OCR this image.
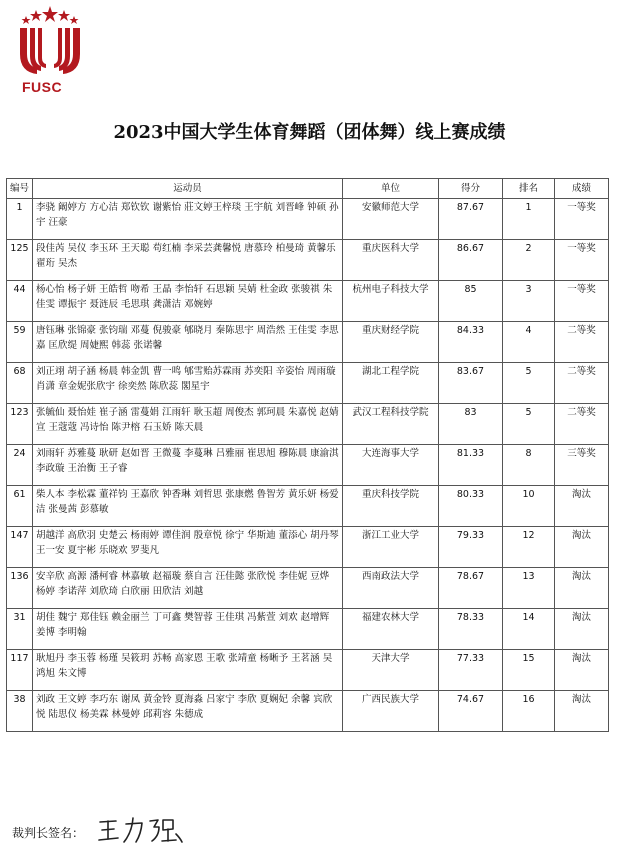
FUSC
2023中国大学生体育舞蹈（团体舞）线上赛成绩
编号	运动员	单位	得分	排名	成绩
1	李骁 阚婷方 方心洁 郑钦钦 谢紫怡 莊文婷王梓琰 王宇航 刘晋峰 钟硕 孙宇 汪豪	安徽师范大学	87.67	1	一等奖
125	段佳芮 吴仪 李玉环 王天聪 苟红楠 李采芸龚馨悦 唐慕玲 柏曼琦 黄馨乐 翟珩 吴杰	重庆医科大学	86.67	2	一等奖
44	杨心怡 杨子妍 王皓哲 吻希 王晶 李怡轩 石思颖 吴婧 杜金政 张骏祺 朱佳雯 谭振宇 聂涟辰 毛思琪 龚潇洁 邓婉婷	杭州电子科技大学	85	3	一等奖
59	唐钰琳 张锦豪 张钧瑞 邓蔓 倪骏豪 郇晓月 秦陈思宇 周浩然 王佳雯 李思嘉 匡欣缇 周婕熙 韩蕊 张诺馨	重庆财经学院	84.33	4	二等奖
68	刘正翊 胡子涵 杨晨 韩金凯 曹一鸣 郇雪贻苏霖雨 苏奕阳 辛姿怡 周雨璇 肖潇 章金妮张欣宇 徐奕然 陈欣蕊 閣星宇	湖北工程学院	83.67	5	二等奖
123	张毓仙 聂怡娃 崔子涵 雷蔓娟 江雨轩 耿玉超 周俊杰 郭珂晨 朱嘉悦 赵婧宣 王蔻蔻 冯诗怡 陈尹榕 石玉娇 陈天晨	武汉工程科技学院	83	5	二等奖
24	刘雨轩 苏雅蔓 耿研 赵如晋 王微蔓 李蔓琳 吕雅丽 崔思旭 穆陈晨 康渝淇 李政璇 王治衡 王子睿	大连海事大学	81.33	8	三等奖
61	柴人本 李松霖 董祥钧 王嘉欣 钟香琳 刘哲思 张康燃 鲁智芳 黄乐妍 杨爱洁 张曼茜 彭慕敏	重庆科技学院	80.33	10	淘汰
147	胡越洋 高欣羽 史楚云 杨雨婷 谭佳润 殷章悦 徐宁 华斯迪 董添心 胡丹琴 王一安 夏宇彬 乐晓欢 罗斐凡	浙江工业大学	79.33	12	淘汰
136	安辛欣 高源 潘柯睿 林嘉敏 赵福璇 蔡自言 汪佳懿 张欣悦 李佳妮 豆烨 杨婷 李诺萍 刘欣琦 白欣丽 田欣洁 刘越	西南政法大学	78.67	13	淘汰
31	胡佳 魏宁 郑佳钰 赖金丽兰 丁可鑫 樊智蓉 王佳琪 冯紫萱 刘欢 赵增辉 姜博 李明翰	福建农林大学	78.33	14	淘汰
117	耿旭丹 李玉蓉 杨瑾 吴筱玥 苏畅 高家恩 王歌 张靖童 杨晰予 王茗涵 吴鸿旭 朱文博	天津大学	77.33	15	淘汰
38	刘政 王文婷 李巧东 谢凤 黄金铃 夏海淼 吕家宁 李欣 夏娴妃 余馨 宾欣悦 陆思仪 杨美霖 林曼婷 邱莉容 朱德成	广西民族大学	74.67	16	淘汰
裁判长签名：
